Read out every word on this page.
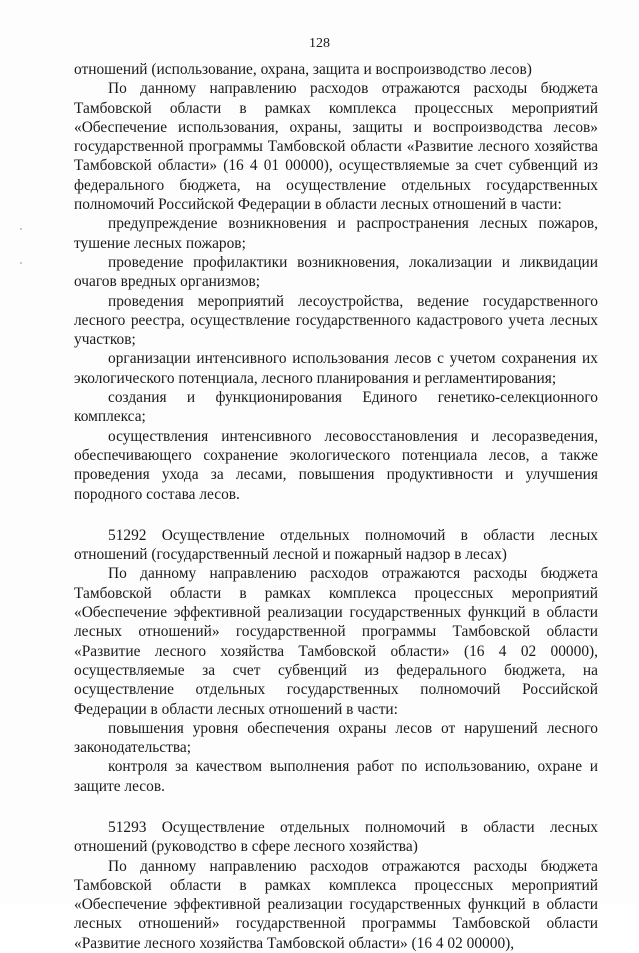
128

отношений (использование, охрана, защита и воспроизводство лесов)

По данному направлению расходов отражаются расходы бюджета Тамбовской области в рамках комплекса процессных мероприятий «Обеспечение использования, охраны, защиты и воспроизводства лесов» государственной программы Тамбовской области «Развитие лесного хозяйства Тамбовской области» (16 4 01 00000), осуществляемые за счет субвенций из федерального бюджета, на осуществление отдельных государственных полномочий Российской Федерации в области лесных отношений в части:

предупреждение возникновения и распространения лесных пожаров, тушение лесных пожаров;

проведение профилактики возникновения, локализации и ликвидации очагов вредных организмов;

проведения мероприятий лесоустройства, ведение государственного лесного реестра, осуществление государственного кадастрового учета лесных участков;

организации интенсивного использования лесов с учетом сохранения их экологического потенциала, лесного планирования и регламентирования;

создания и функционирования Единого генетико-селекционного комплекса;

осуществления интенсивного лесовосстановления и лесоразведения, обеспечивающего сохранение экологического потенциала лесов, а также проведения ухода за лесами, повышения продуктивности и улучшения породного состава лесов.

51292 Осуществление отдельных полномочий в области лесных отношений (государственный лесной и пожарный надзор в лесах)

По данному направлению расходов отражаются расходы бюджета Тамбовской области в рамках комплекса процессных мероприятий «Обеспечение эффективной реализации государственных функций в области лесных отношений» государственной программы Тамбовской области «Развитие лесного хозяйства Тамбовской области» (16 4 02 00000), осуществляемые за счет субвенций из федерального бюджета, на осуществление отдельных государственных полномочий Российской Федерации в области лесных отношений в части:

повышения уровня обеспечения охраны лесов от нарушений лесного законодательства;

контроля за качеством выполнения работ по использованию, охране и защите лесов.

51293 Осуществление отдельных полномочий в области лесных отношений (руководство в сфере лесного хозяйства)

По данному направлению расходов отражаются расходы бюджета Тамбовской области в рамках комплекса процессных мероприятий «Обеспечение эффективной реализации государственных функций в области лесных отношений» государственной программы Тамбовской области «Развитие лесного хозяйства Тамбовской области» (16 4 02 00000),
